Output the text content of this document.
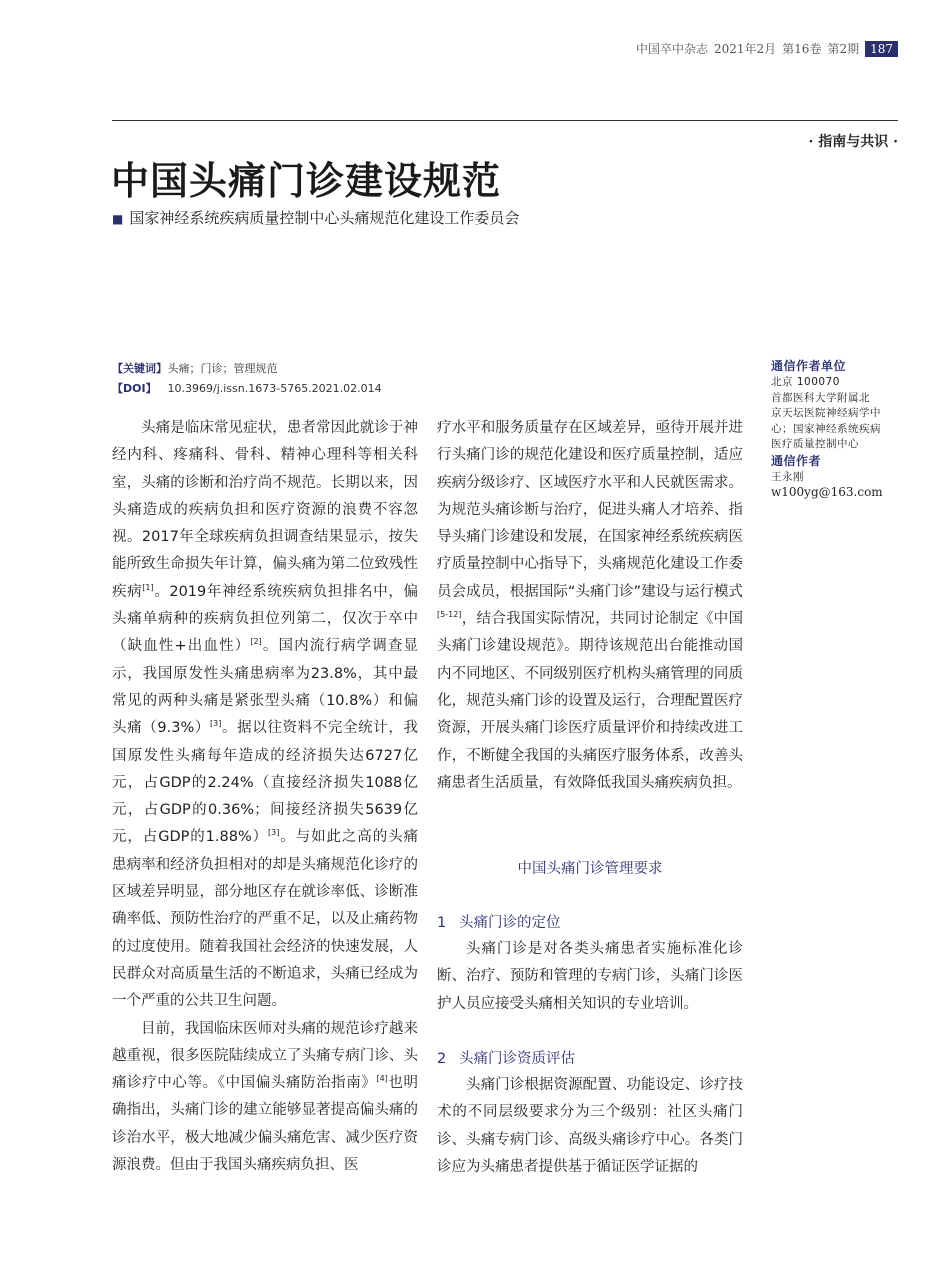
中国卒中杂志 2021年2月 第16卷 第2期 187
· 指南与共识 ·
中国头痛门诊建设规范
■ 国家神经系统疾病质量控制中心头痛规范化建设工作委员会
【关键词】 头痛；门诊；管理规范
【DOI】 10.3969/j.issn.1673-5765.2021.02.014

头痛是临床常见症状，患者常因此就诊于神经内科、疼痛科、骨科、精神心理科等相关科室，头痛的诊断和治疗尚不规范。长期以来，因头痛造成的疾病负担和医疗资源的浪费不容忽视。2017年全球疾病负担调查结果显示，按失能所致生命损失年计算，偏头痛为第二位致残性疾病[1]。2019年神经系统疾病负担排名中，偏头痛单病种的疾病负担位列第二，仅次于卒中（缺血性+出血性）[2]。国内流行病学调查显示，我国原发性头痛患病率为23.8%，其中最常见的两种头痛是紧张型头痛（10.8%）和偏头痛（9.3%）[3]。据以往资料不完全统计，我国原发性头痛每年造成的经济损失达6727亿元，占GDP的2.24%（直接经济损失1088亿元，占GDP的0.36%；间接经济损失5639亿元，占GDP的1.88%）[3]。与如此之高的头痛患病率和经济负担相对的却是头痛规范化诊疗的区域差异明显，部分地区存在就诊率低、诊断准确率低、预防性治疗的严重不足，以及止痛药物的过度使用。随着我国社会经济的快速发展，人民群众对高质量生活的不断追求，头痛已经成为一个严重的公共卫生问题。

目前，我国临床医师对头痛的规范诊疗越来越重视，很多医院陆续成立了头痛专病门诊、头痛诊疗中心等。《中国偏头痛防治指南》[4]也明确指出，头痛门诊的建立能够显著提高偏头痛的诊治水平，极大地减少偏头痛危害、减少医疗资源浪费。但由于我国头痛疾病负担、医

疗水平和服务质量存在区域差异，亟待开展并进行头痛门诊的规范化建设和医疗质量控制，适应疾病分级诊疗、区域医疗水平和人民就医需求。为规范头痛诊断与治疗，促进头痛人才培养、指导头痛门诊建设和发展，在国家神经系统疾病医疗质量控制中心指导下，头痛规范化建设工作委员会成员，根据国际“头痛门诊”建设与运行模式[5-12]，结合我国实际情况，共同讨论制定《中国头痛门诊建设规范》。期待该规范出台能推动国内不同地区、不同级别医疗机构头痛管理的同质化，规范头痛门诊的设置及运行，合理配置医疗资源，开展头痛门诊医疗质量评价和持续改进工作，不断健全我国的头痛医疗服务体系，改善头痛患者生活质量，有效降低我国头痛疾病负担。

中国头痛门诊管理要求
1 头痛门诊的定位

头痛门诊是对各类头痛患者实施标准化诊断、治疗、预防和管理的专病门诊，头痛门诊医护人员应接受头痛相关知识的专业培训。

2 头痛门诊资质评估

头痛门诊根据资源配置、功能设定、诊疗技术的不同层级要求分为三个级别：社区头痛门诊、头痛专病门诊、高级头痛诊疗中心。各类门诊应为头痛患者提供基于循证医学证据的

通信作者单位
北京 100070
首都医科大学附属北
京天坛医院神经病学中
心；国家神经系统疾病
医疗质量控制中心
通信作者
王永刚
w100yg@163.com
